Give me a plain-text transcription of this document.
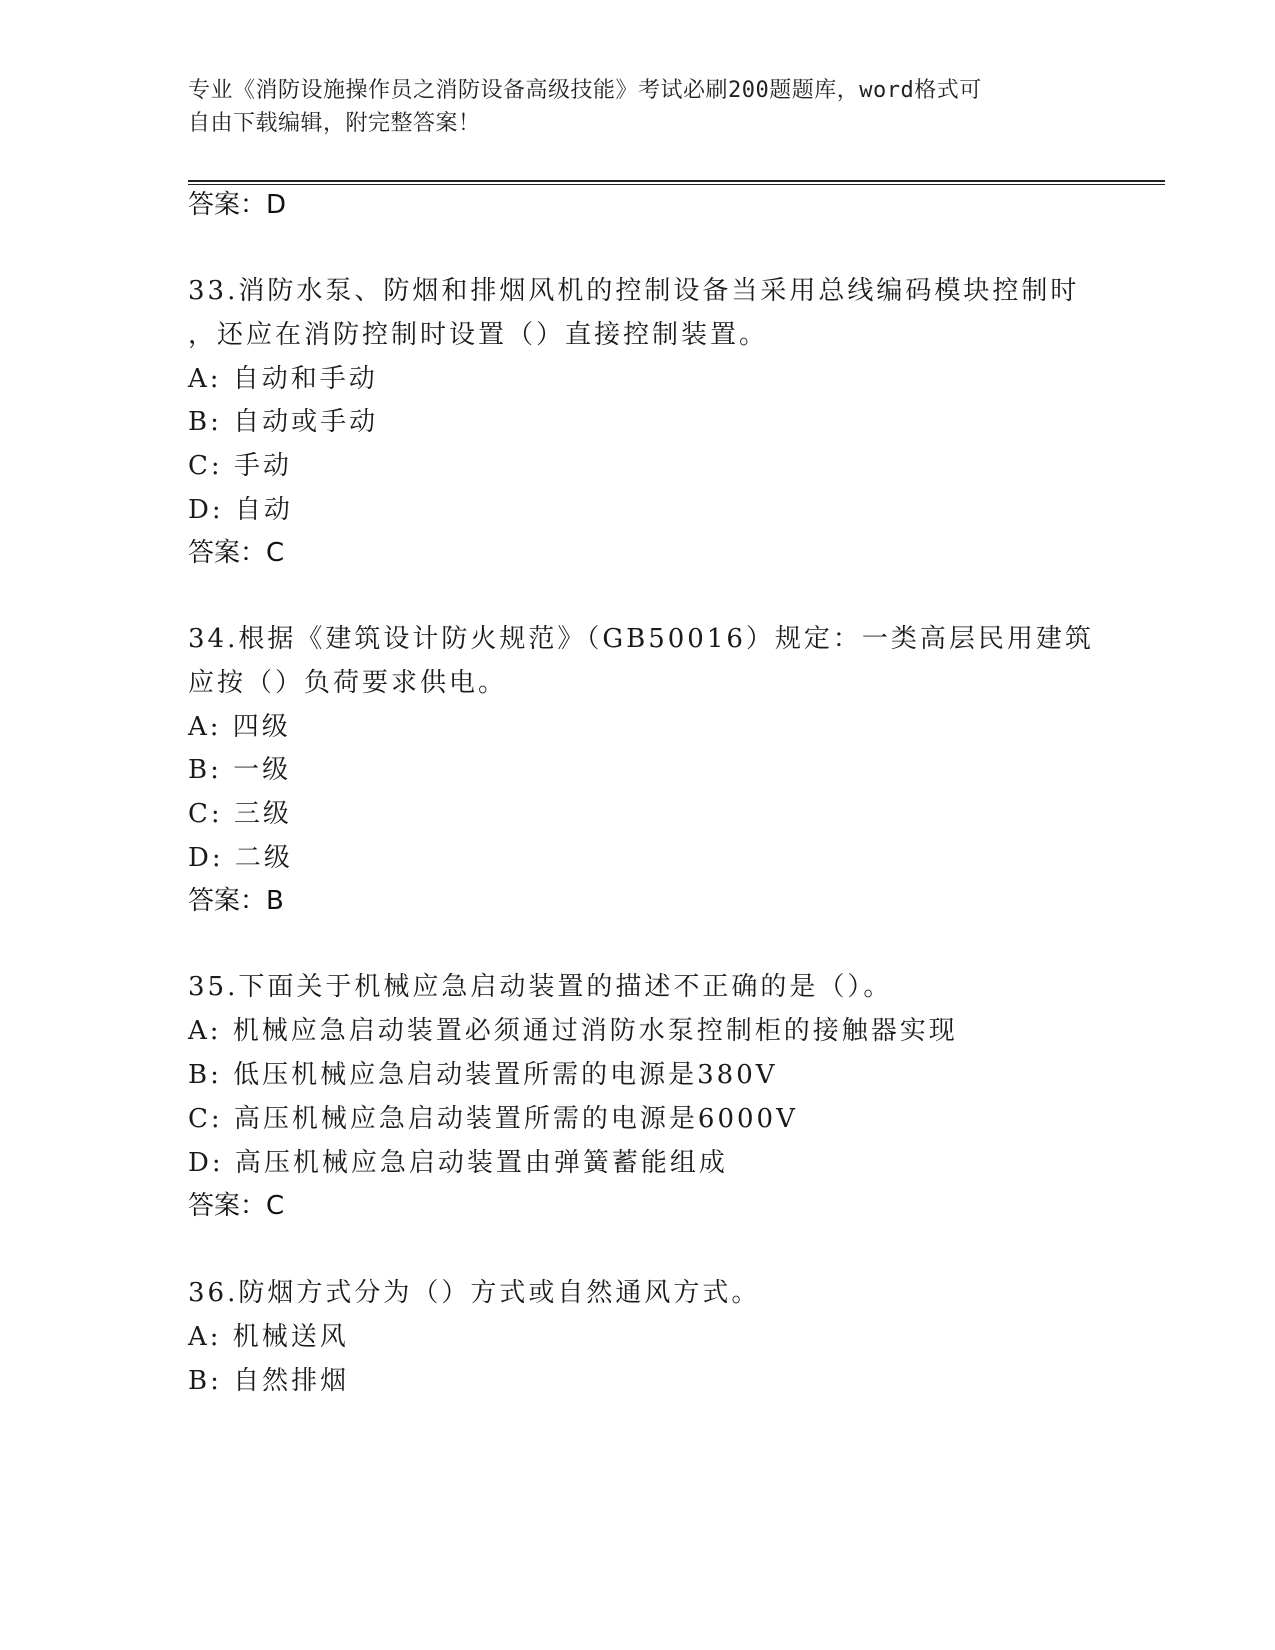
专业《消防设施操作员之消防设备高级技能》考试必刷200题题库，word格式可
自由下载编辑，附完整答案！
答案：D
33.消防水泵、防烟和排烟风机的控制设备当采用总线编码模块控制时
，还应在消防控制时设置（）直接控制装置。
A: 自动和手动
B: 自动或手动
C: 手动
D: 自动
答案：C
34.根据《建筑设计防火规范》（GB50016）规定：一类高层民用建筑
应按（）负荷要求供电。
A: 四级
B: 一级
C: 三级
D: 二级
答案：B
35.下面关于机械应急启动装置的描述不正确的是（）。
A: 机械应急启动装置必须通过消防水泵控制柜的接触器实现
B: 低压机械应急启动装置所需的电源是380V
C: 高压机械应急启动装置所需的电源是6000V
D: 高压机械应急启动装置由弹簧蓄能组成
答案：C
36.防烟方式分为（）方式或自然通风方式。
A: 机械送风
B: 自然排烟
